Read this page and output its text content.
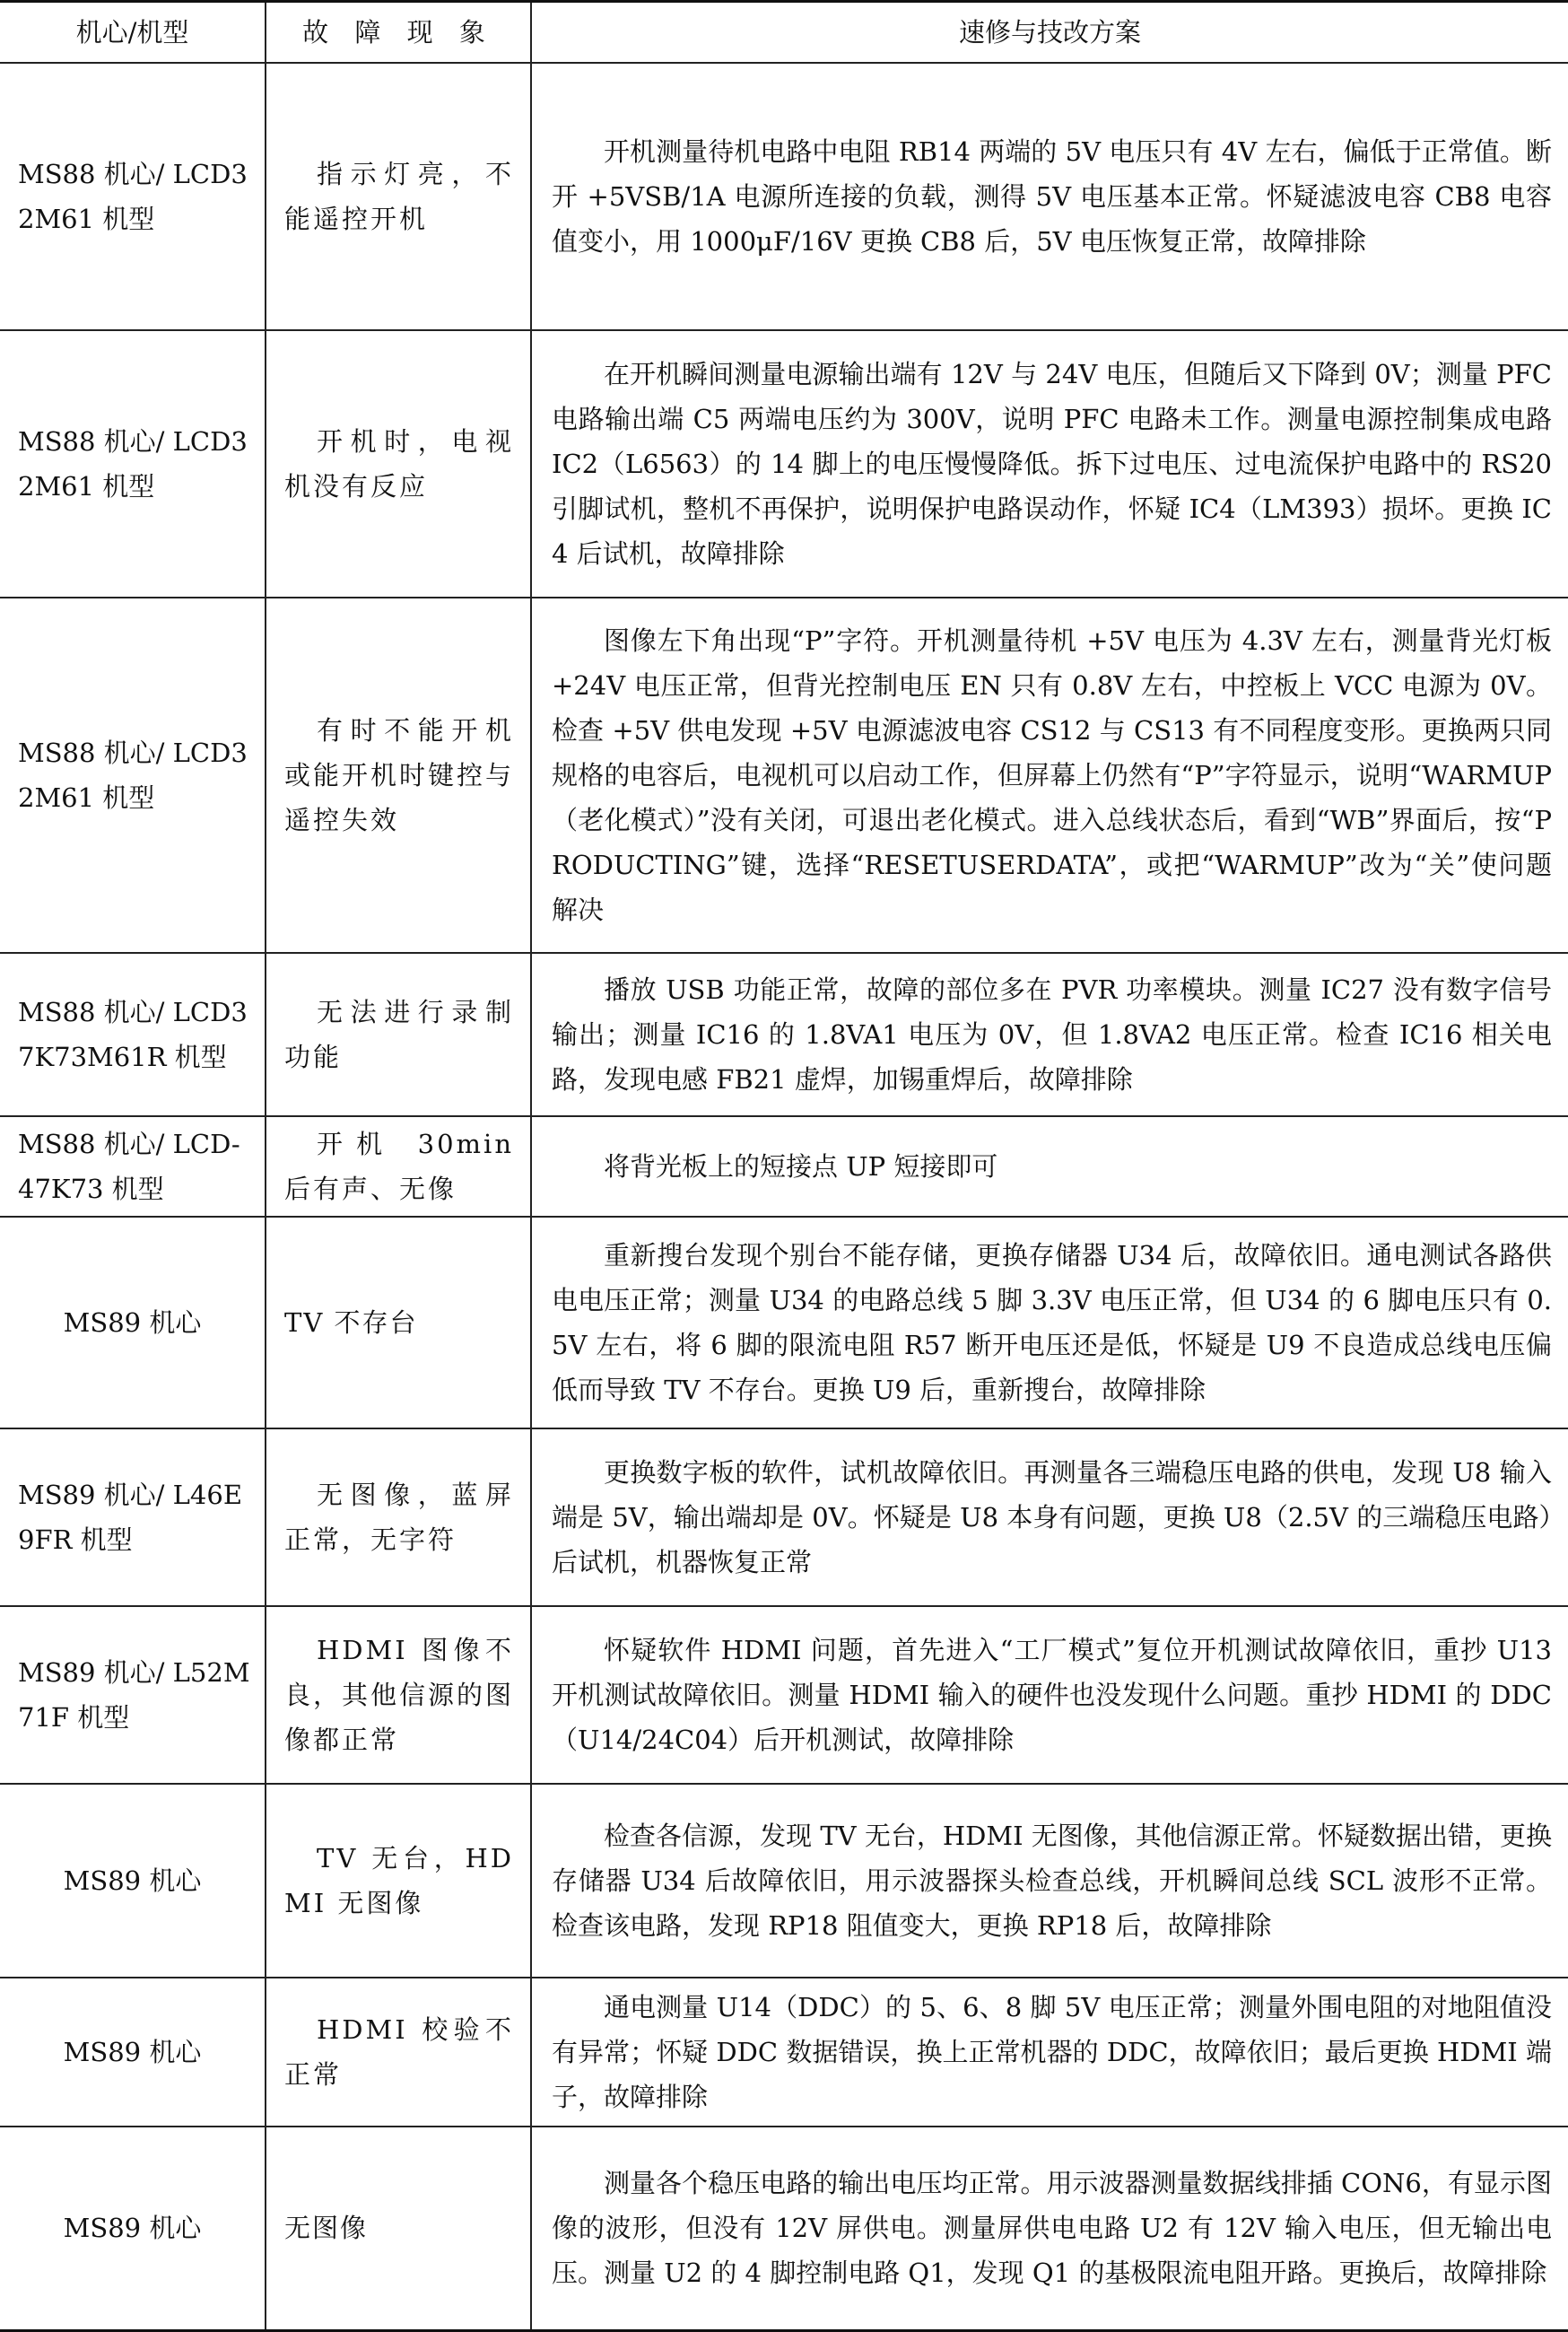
机心/机型	故 障 现 象	速修与技改方案
MS88 机心/ LCD32M61 机型	指示灯亮，不能遥控开机	开机测量待机电路中电阻 RB14 两端的 5V 电压只有 4V 左右，偏低于正常值。断开 +5VSB/1A 电源所连接的负载，测得 5V 电压基本正常。怀疑滤波电容 CB8 电容值变小，用 1000μF/16V 更换 CB8 后，5V 电压恢复正常，故障排除
MS88 机心/ LCD32M61 机型	开机时，电视机没有反应	在开机瞬间测量电源输出端有 12V 与 24V 电压，但随后又下降到 0V；测量 PFC 电路输出端 C5 两端电压约为 300V，说明 PFC 电路未工作。测量电源控制集成电路 IC2（L6563）的 14 脚上的电压慢慢降低。拆下过电压、过电流保护电路中的 RS20 引脚试机，整机不再保护，说明保护电路误动作，怀疑 IC4（LM393）损坏。更换 IC4 后试机，故障排除
MS88 机心/ LCD32M61 机型	有时不能开机或能开机时键控与遥控失效	图像左下角出现“P”字符。开机测量待机 +5V 电压为 4.3V 左右，测量背光灯板 +24V 电压正常，但背光控制电压 EN 只有 0.8V 左右，中控板上 VCC 电源为 0V。检查 +5V 供电发现 +5V 电源滤波电容 CS12 与 CS13 有不同程度变形。更换两只同规格的电容后，电视机可以启动工作，但屏幕上仍然有“P”字符显示，说明“WARMUP（老化模式）”没有关闭，可退出老化模式。进入总线状态后，看到“WB”界面后，按“PRODUCTING”键，选择“RESETUSERDATA”，或把“WARMUP”改为“关”使问题解决
MS88 机心/ LCD37K73M61R 机型	无法进行录制功能	播放 USB 功能正常，故障的部位多在 PVR 功率模块。测量 IC27 没有数字信号输出；测量 IC16 的 1.8VA1 电压为 0V，但 1.8VA2 电压正常。检查 IC16 相关电路，发现电感 FB21 虚焊，加锡重焊后，故障排除
MS88 机心/ LCD-47K73 机型	开机 30min 后有声、无像	将背光板上的短接点 UP 短接即可
MS89 机心	TV 不存台	重新搜台发现个别台不能存储，更换存储器 U34 后，故障依旧。通电测试各路供电电压正常；测量 U34 的电路总线 5 脚 3.3V 电压正常，但 U34 的 6 脚电压只有 0.5V 左右，将 6 脚的限流电阻 R57 断开电压还是低，怀疑是 U9 不良造成总线电压偏低而导致 TV 不存台。更换 U9 后，重新搜台，故障排除
MS89 机心/ L46E9FR 机型	无图像，蓝屏正常，无字符	更换数字板的软件，试机故障依旧。再测量各三端稳压电路的供电，发现 U8 输入端是 5V，输出端却是 0V。怀疑是 U8 本身有问题，更换 U8（2.5V 的三端稳压电路）后试机，机器恢复正常
MS89 机心/ L52M71F 机型	HDMI 图像不良，其他信源的图像都正常	怀疑软件 HDMI 问题，首先进入“工厂模式”复位开机测试故障依旧，重抄 U13 开机测试故障依旧。测量 HDMI 输入的硬件也没发现什么问题。重抄 HDMI 的 DDC（U14/24C04）后开机测试，故障排除
MS89 机心	TV 无台，HDMI 无图像	检查各信源，发现 TV 无台，HDMI 无图像，其他信源正常。怀疑数据出错，更换存储器 U34 后故障依旧，用示波器探头检查总线，开机瞬间总线 SCL 波形不正常。检查该电路，发现 RP18 阻值变大，更换 RP18 后，故障排除
MS89 机心	HDMI 校验不正常	通电测量 U14（DDC）的 5、6、8 脚 5V 电压正常；测量外围电阻的对地阻值没有异常；怀疑 DDC 数据错误，换上正常机器的 DDC，故障依旧；最后更换 HDMI 端子，故障排除
MS89 机心	无图像	测量各个稳压电路的输出电压均正常。用示波器测量数据线排插 CON6，有显示图像的波形，但没有 12V 屏供电。测量屏供电电路 U2 有 12V 输入电压，但无输出电压。测量 U2 的 4 脚控制电路 Q1，发现 Q1 的基极限流电阻开路。更换后，故障排除
